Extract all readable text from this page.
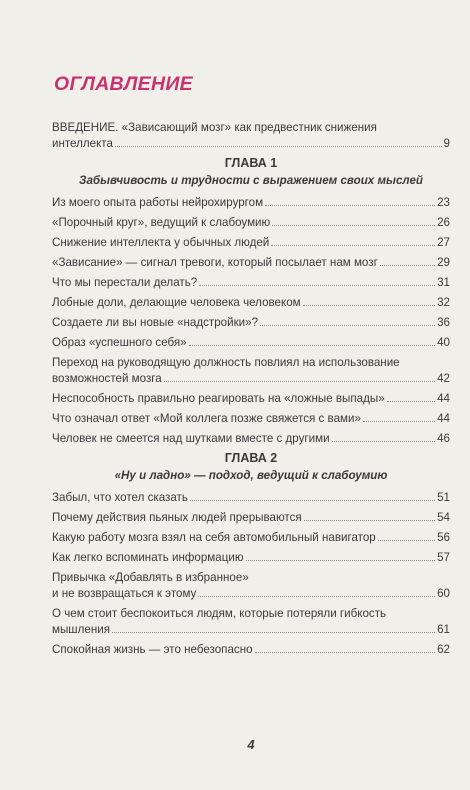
ОГЛАВЛЕНИЕ
ВВЕДЕНИЕ. «Зависающий мозг» как предвестник снижения
интеллекта	9
ГЛАВА 1
Забывчивость и трудности с выражением своих мыслей
Из моего опыта работы нейрохирургом	23
«Порочный круг», ведущий к слабоумию	26
Снижение интеллекта у обычных людей	27
«Зависание» — сигнал тревоги, который посылает нам мозг	29
Что мы перестали делать?	31
Лобные доли, делающие человека человеком	32
Создаете ли вы новые «надстройки»?	36
Образ «успешного себя»	40
Переход на руководящую должность повлиял на использование
возможностей мозга	42
Неспособность правильно реагировать на «ложные выпады»	44
Что означал ответ «Мой коллега позже свяжется с вами»	44
Человек не смеется над шутками вместе с другими	46
ГЛАВА 2
«Ну и ладно» — подход, ведущий к слабоумию
Забыл, что хотел сказать	51
Почему действия пьяных людей прерываются	54
Какую работу мозга взял на себя автомобильный навигатор	56
Как легко вспоминать информацию	57
Привычка «Добавлять в избранное»
и не возвращаться к этому	60
О чем стоит беспокоиться людям, которые потеряли гибкость
мышления	61
Спокойная жизнь — это небезопасно	62
4
